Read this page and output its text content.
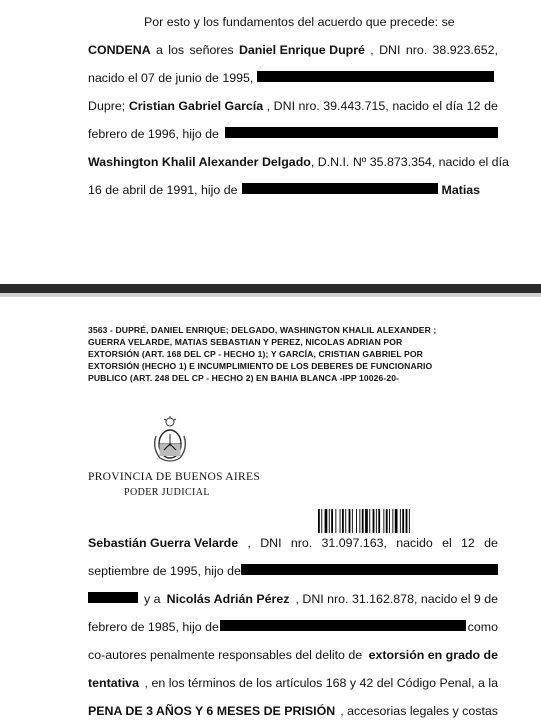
Por esto y los fundamentos del acuerdo que precede: se
CONDENA a los señores Daniel Enrique Dupré , DNI nro. 38.923.652,
nacido el 07 de junio de 1995,
Dupre; Cristian Gabriel García , DNI nro. 39.443.715, nacido el día 12 de
febrero de 1996, hijo de
Washington Khalil Alexander Delgado , D.N.I. Nº 35.873.354, nacido el día
16 de abril de 1991, hijo de	Matias
3563 - DUPRÉ, DANIEL ENRIQUE; DELGADO, WASHINGTON KHALIL ALEXANDER ;
GUERRA VELARDE, MATIAS SEBASTIAN Y PEREZ, NICOLAS ADRIAN POR
EXTORSIÓN (ART. 168 DEL CP - HECHO 1); Y GARCÍA, CRISTIAN GABRIEL POR
EXTORSIÓN (HECHO 1) E INCUMPLIMIENTO DE LOS DEBERES DE FUNCIONARIO
PUBLICO (ART. 248 DEL CP - HECHO 2) EN BAHIA BLANCA -IPP 10026-20-
PROVINCIA DE BUENOS AIRES
PODER JUDICIAL
Sebastián Guerra Velarde , DNI nro. 31.097.163, nacido el 12 de
septiembre de 1995, hijo de
y a Nicolás Adrián Pérez , DNI nro. 31.162.878, nacido el 9 de
febrero de 1985, hijo de	como
co-autores penalmente responsables del delito de extorsión en grado de
tentativa , en los términos de los artículos 168 y 42 del Código Penal, a la
PENA DE 3 AÑOS Y 6 MESES DE PRISIÓN , accesorias legales y costas
